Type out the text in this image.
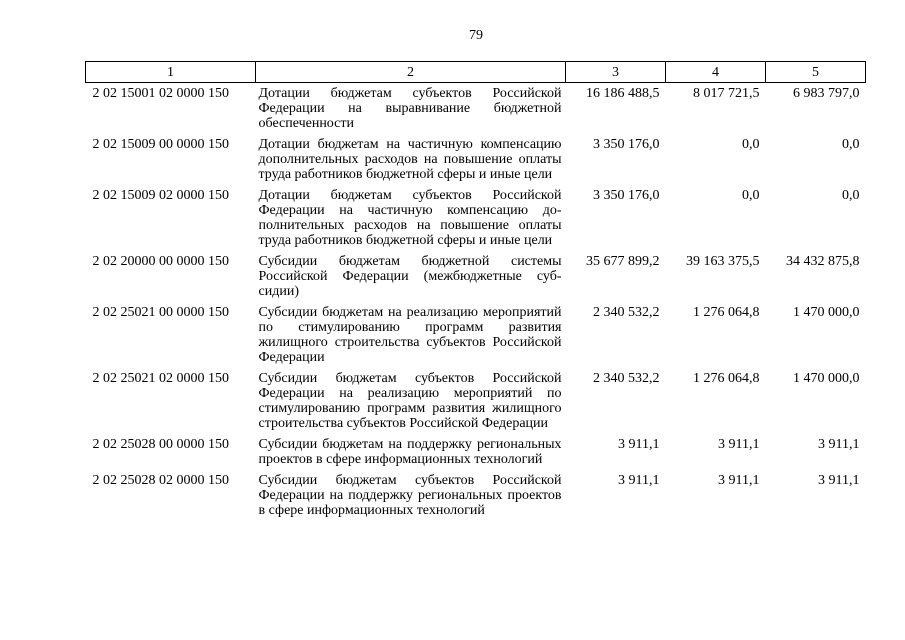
79
1	2	3	4	5
2 02 15001 02 0000 150	Дотации бюджетам субъектов Российской Федерации на выравнивание бюджетной обеспеченности	16 186 488,5	8 017 721,5	6 983 797,0
2 02 15009 00 0000 150	Дотации бюджетам на частичную компенсацию дополнительных расходов на повышение оплаты труда работников бюджетной сферы и иные цели	3 350 176,0	0,0	0,0
2 02 15009 02 0000 150	Дотации бюджетам субъектов Российской Федерации на частичную компенсацию дополнительных расходов на повышение оплаты труда работников бюджетной сферы и иные цели	3 350 176,0	0,0	0,0
2 02 20000 00 0000 150	Субсидии бюджетам бюджетной системы Российской Федерации (межбюджетные субсидии)	35 677 899,2	39 163 375,5	34 432 875,8
2 02 25021 00 0000 150	Субсидии бюджетам на реализацию мероприятий по стимулированию программ развития жилищного строительства субъектов Российской Федерации	2 340 532,2	1 276 064,8	1 470 000,0
2 02 25021 02 0000 150	Субсидии бюджетам субъектов Российской Федерации на реализацию мероприятий по стимулированию программ развития жилищного строительства субъектов Российской Федерации	2 340 532,2	1 276 064,8	1 470 000,0
2 02 25028 00 0000 150	Субсидии бюджетам на поддержку региональных проектов в сфере информационных технологий	3 911,1	3 911,1	3 911,1
2 02 25028 02 0000 150	Субсидии бюджетам субъектов Российской Федерации на поддержку региональных проектов в сфере информационных технологий	3 911,1	3 911,1	3 911,1
